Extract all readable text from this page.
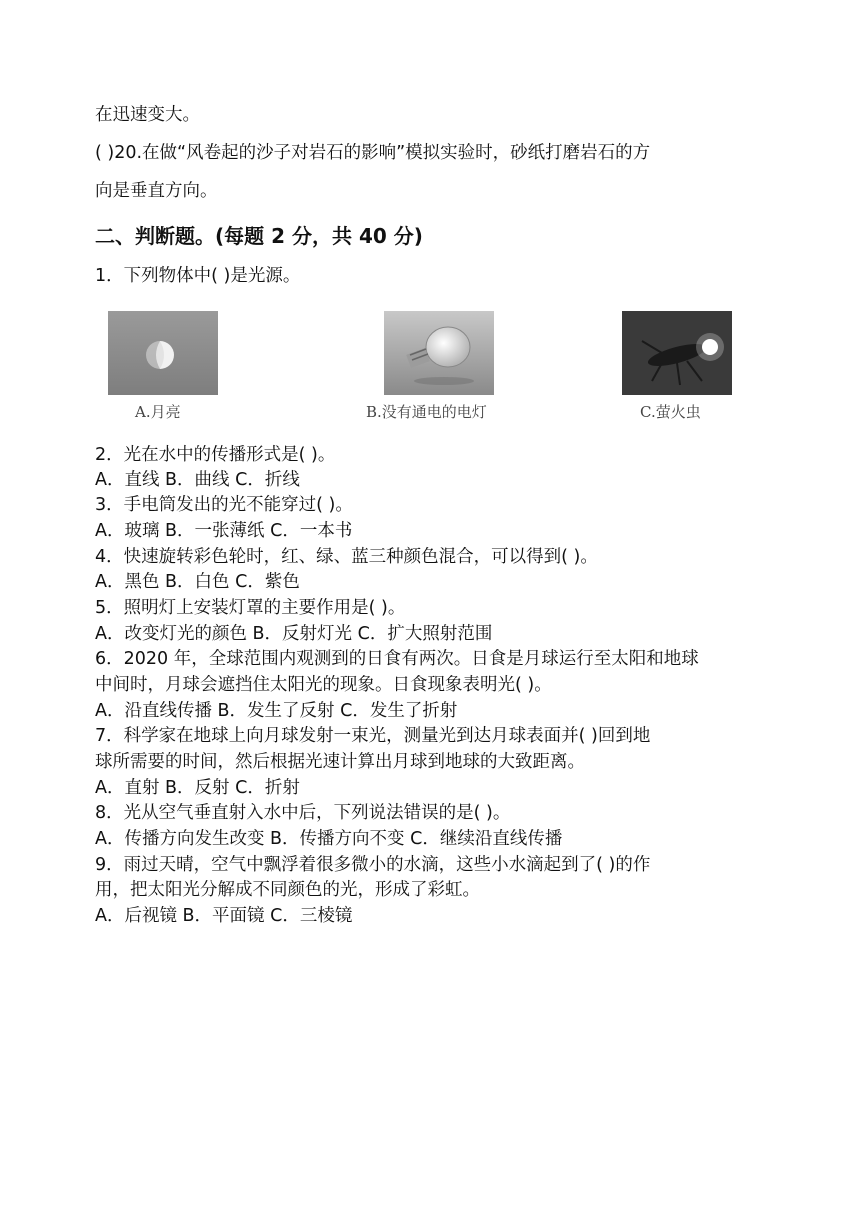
在迅速变大。
( )20.在做“风卷起的沙子对岩石的影响”模拟实验时，砂纸打磨岩石的方
向是垂直方向。
二、判断题。(每题 2 分，共 40 分)
1．下列物体中( )是光源。
A.月亮	B.没有通电的电灯	C.萤火虫
2．光在水中的传播形式是( )。
A．直线 B．曲线 C．折线
3．手电筒发出的光不能穿过( )。
A．玻璃 B．一张薄纸 C．一本书
4．快速旋转彩色轮时，红、绿、蓝三种颜色混合，可以得到( )。
A．黑色 B．白色 C．紫色
5．照明灯上安装灯罩的主要作用是( )。
A．改变灯光的颜色 B．反射灯光 C．扩大照射范围
6．2020 年，全球范围内观测到的日食有两次。日食是月球运行至太阳和地球
中间时，月球会遮挡住太阳光的现象。日食现象表明光( )。
A．沿直线传播 B．发生了反射 C．发生了折射
7．科学家在地球上向月球发射一束光，测量光到达月球表面并( )回到地
球所需要的时间，然后根据光速计算出月球到地球的大致距离。
A．直射 B．反射 C．折射
8．光从空气垂直射入水中后，下列说法错误的是( )。
A．传播方向发生改变 B．传播方向不变 C．继续沿直线传播
9．雨过天晴，空气中飘浮着很多微小的水滴，这些小水滴起到了( )的作
用，把太阳光分解成不同颜色的光，形成了彩虹。
A．后视镜 B．平面镜 C．三棱镜
